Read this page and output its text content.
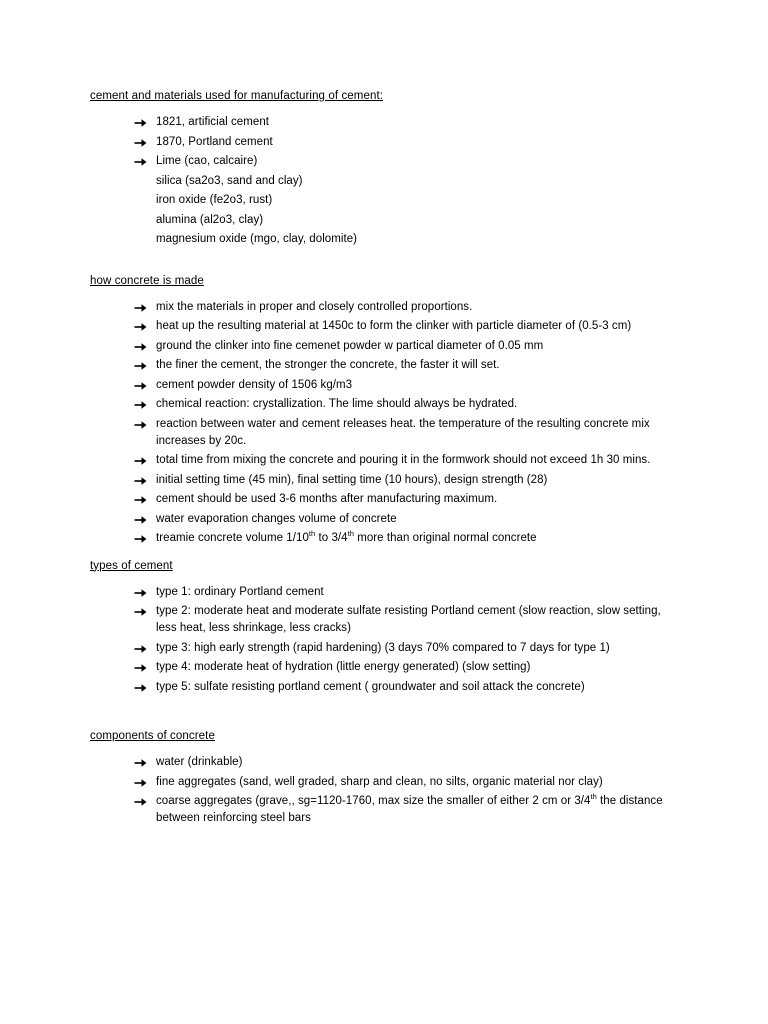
cement and materials used for manufacturing of cement:
1821, artificial cement
1870, Portland cement
Lime (cao, calcaire)
silica (sa2o3, sand and clay)
iron oxide (fe2o3, rust)
alumina (al2o3, clay)
magnesium oxide (mgo, clay, dolomite)
how concrete is made
mix the materials in proper and closely controlled proportions.
heat up the resulting material at 1450c to form the clinker with particle diameter of (0.5-3 cm)
ground the clinker into fine cemenet powder w partical diameter of 0.05 mm
the finer the cement, the stronger the concrete, the faster it will set.
cement powder density of 1506 kg/m3
chemical reaction: crystallization. The lime should always be hydrated.
reaction between water and cement releases heat. the temperature of the resulting concrete mix increases by 20c.
total time from mixing the concrete and pouring it in the formwork should not exceed 1h 30 mins.
initial setting time (45 min), final setting time (10 hours), design strength (28)
cement should be used 3-6 months after manufacturing maximum.
water evaporation changes volume of concrete
treamie concrete volume 1/10th to 3/4th more than original normal concrete
types of cement
type 1: ordinary Portland cement
type 2: moderate heat and moderate sulfate resisting Portland cement (slow reaction, slow setting, less heat, less shrinkage, less cracks)
type 3: high early strength (rapid hardening) (3 days 70% compared to 7 days for type 1)
type 4: moderate heat of hydration (little energy generated) (slow setting)
type 5: sulfate resisting portland cement ( groundwater and soil attack the concrete)
components of concrete
water (drinkable)
fine aggregates (sand, well graded, sharp and clean, no silts, organic material nor clay)
coarse aggregates (grave,, sg=1120-1760, max size the smaller of either 2 cm or 3/4th the distance between reinforcing steel bars
